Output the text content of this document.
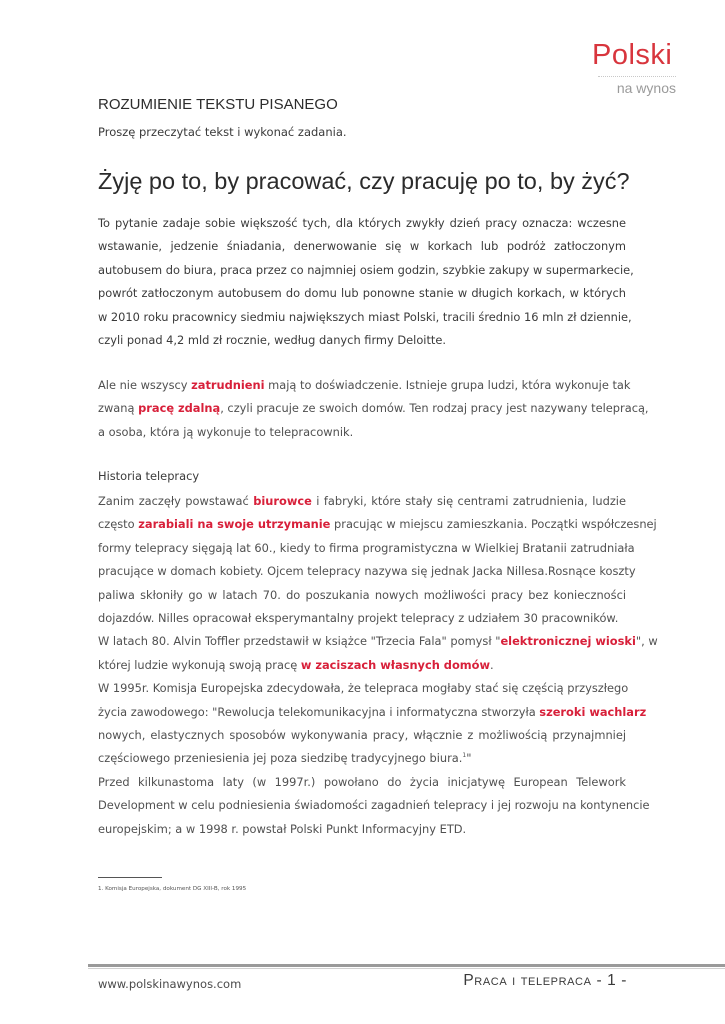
Polski
na wynos
ROZUMIENIE TEKSTU PISANEGO
Proszę przeczytać tekst i wykonać zadania.
Żyję po to, by pracować, czy pracuję po to, by żyć?
To pytanie zadaje sobie większość tych, dla których zwykły dzień pracy oznacza: wczesne
wstawanie, jedzenie śniadania, denerwowanie się w korkach lub podróż zatłoczonym
autobusem do biura, praca przez co najmniej osiem godzin, szybkie zakupy w supermarkecie,
powrót zatłoczonym autobusem do domu lub ponowne stanie w długich korkach, w których
w 2010 roku pracownicy siedmiu największych miast Polski, tracili średnio 16 mln zł dziennie,
czyli ponad 4,2 mld zł rocznie, według danych firmy Deloitte.
Ale nie wszyscy zatrudnieni mają to doświadczenie. Istnieje grupa ludzi, która wykonuje tak
zwaną pracę zdalną, czyli pracuje ze swoich domów. Ten rodzaj pracy jest nazywany telepracą,
a osoba, która ją wykonuje to telepracownik.
Historia telepracy
Zanim zaczęły powstawać biurowce i fabryki, które stały się centrami zatrudnienia, ludzie
często zarabiali na swoje utrzymanie pracując w miejscu zamieszkania. Początki współczesnej
formy telepracy sięgają lat 60., kiedy to firma programistyczna w Wielkiej Bratanii zatrudniała
pracujące w domach kobiety. Ojcem telepracy nazywa się jednak Jacka Nillesa.Rosnące koszty
paliwa skłoniły go w latach 70. do poszukania nowych możliwości pracy bez konieczności
dojazdów. Nilles opracował eksperymantalny projekt telepracy z udziałem 30 pracowników.
W latach 80. Alvin Toffler przedstawił w książce "Trzecia Fala" pomysł "elektronicznej wioski", w
której ludzie wykonują swoją pracę w zaciszach własnych domów.
W 1995r. Komisja Europejska zdecydowała, że telepraca mogłaby stać się częścią przyszłego
życia zawodowego: "Rewolucja telekomunikacyjna i informatyczna stworzyła szeroki wachlarz
nowych, elastycznych sposobów wykonywania pracy, włącznie z możliwością przynajmniej
częściowego przeniesienia jej poza siedzibę tradycyjnego biura.$^1$"
Przed kilkunastoma laty (w 1997r.) powołano do życia inicjatywę European Telework
Development w celu podniesienia świadomości zagadnień telepracy i jej rozwoju na kontynencie
europejskim; a w 1998 r. powstał Polski Punkt Informacyjny ETD.
1. Komisja Europejska, dokument DG XIII-B, rok 1995
www.polskinawynos.com	Praca i telepraca - 1 -
